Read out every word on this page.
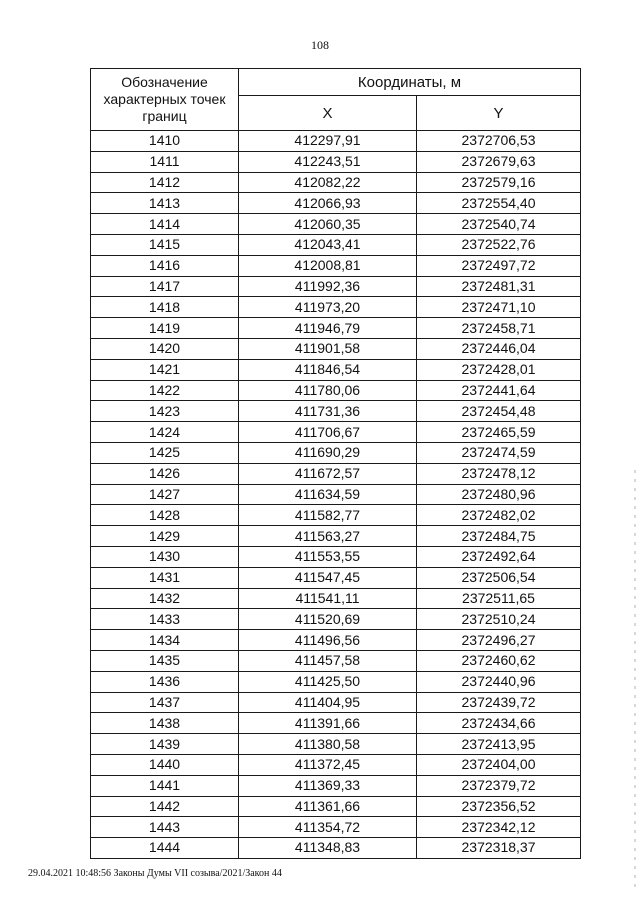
108
Обозначение характерных точек границ	Координаты, м	
	X	Y
1410	412297,91	2372706,53
1411	412243,51	2372679,63
1412	412082,22	2372579,16
1413	412066,93	2372554,40
1414	412060,35	2372540,74
1415	412043,41	2372522,76
1416	412008,81	2372497,72
1417	411992,36	2372481,31
1418	411973,20	2372471,10
1419	411946,79	2372458,71
1420	411901,58	2372446,04
1421	411846,54	2372428,01
1422	411780,06	2372441,64
1423	411731,36	2372454,48
1424	411706,67	2372465,59
1425	411690,29	2372474,59
1426	411672,57	2372478,12
1427	411634,59	2372480,96
1428	411582,77	2372482,02
1429	411563,27	2372484,75
1430	411553,55	2372492,64
1431	411547,45	2372506,54
1432	411541,11	2372511,65
1433	411520,69	2372510,24
1434	411496,56	2372496,27
1435	411457,58	2372460,62
1436	411425,50	2372440,96
1437	411404,95	2372439,72
1438	411391,66	2372434,66
1439	411380,58	2372413,95
1440	411372,45	2372404,00
1441	411369,33	2372379,72
1442	411361,66	2372356,52
1443	411354,72	2372342,12
1444	411348,83	2372318,37
29.04.2021 10:48:56 Законы Думы VII созыва/2021/Закон 44
